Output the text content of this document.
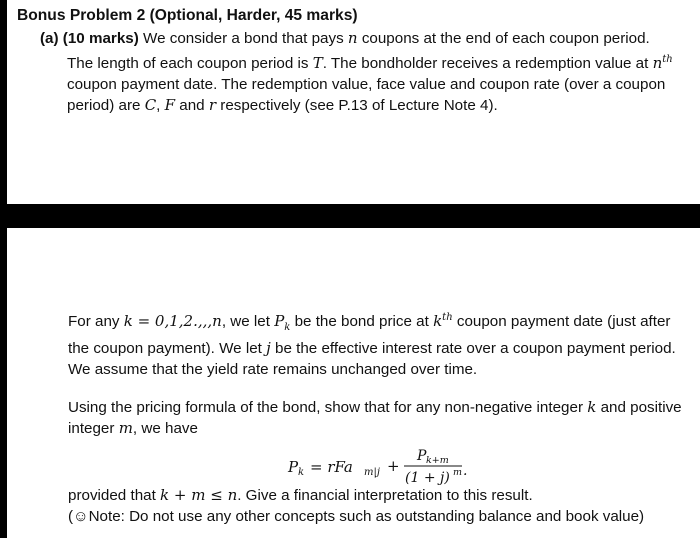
Bonus Problem 2 (Optional, Harder, 45 marks)
(a) (10 marks) We consider a bond that pays n coupons at the end of each coupon period.
The length of each coupon period is T. The bondholder receives a redemption value at $n^{th}$ coupon payment date. The redemption value, face value and coupon rate (over a coupon period) are C, F and r respectively (see P.13 of Lecture Note 4).
For any k = 0,1,2.,,,n, we let $P_k$ be the bond price at $k^{th}$ coupon payment date (just after the coupon payment). We let j be the effective interest rate over a coupon payment period. We assume that the yield rate remains unchanged over time.
Using the pricing formula of the bond, show that for any non-negative integer k and positive integer m, we have
P k = rFa m|j +
P k+m
(1 + j) m .
provided that k + m ≤ n. Give a financial interpretation to this result.
(☺Note: Do not use any other concepts such as outstanding balance and book value)
